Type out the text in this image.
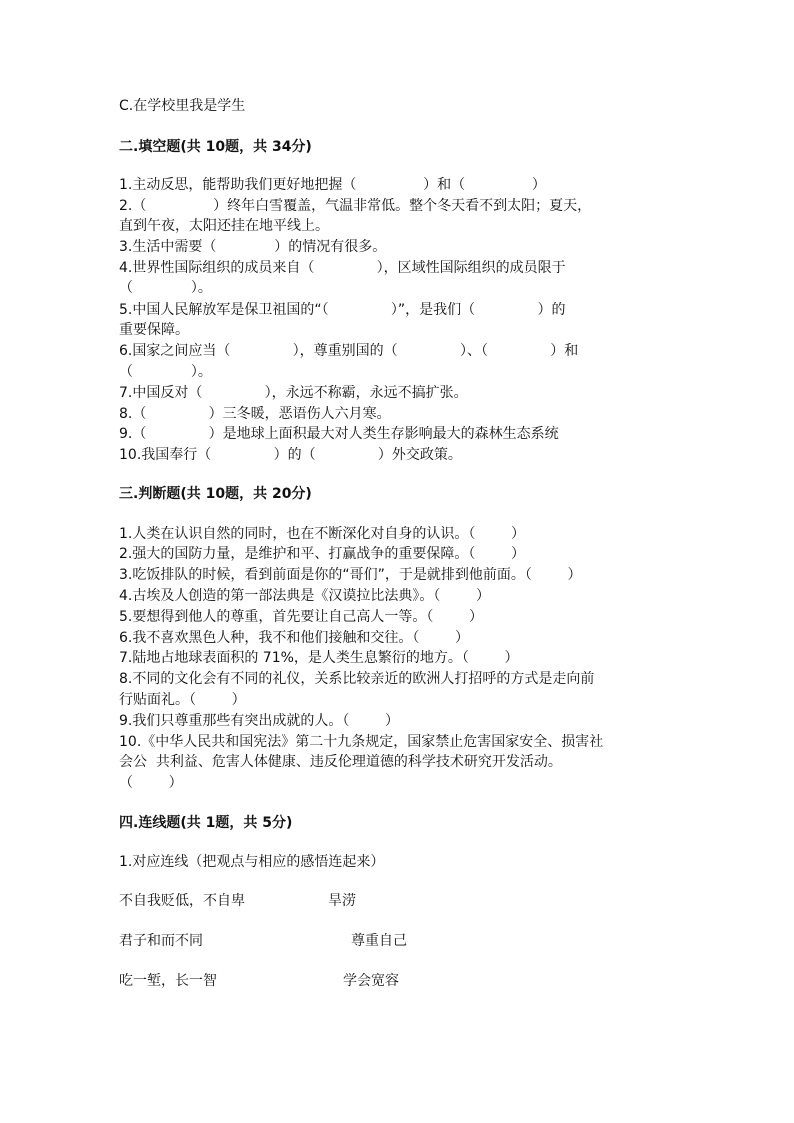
C.在学校里我是学生
二.填空题(共 10题，共 34分)
1.主动反思，能帮助我们更好地把握（               ）和（               ）
2.（               ）终年白雪覆盖，气温非常低。整个冬天看不到太阳；夏天，
直到午夜，太阳还挂在地平线上。
3.生活中需要（             ）的情况有很多。
4.世界性国际组织的成员来自（              ），区域性国际组织的成员限于
（             ）。
5.中国人民解放军是保卫祖国的“（              ）”，是我们（              ）的
重要保障。
6.国家之间应当（              ），尊重别国的（              ）、（              ）和
（             ）。
7.中国反对（              ），永远不称霸，永远不搞扩张。
8.（              ）三冬暖，恶语伤人六月寒。
9.（              ）是地球上面积最大对人类生存影响最大的森林生态系统
10.我国奉行（              ）的（              ）外交政策。
三.判断题(共 10题，共 20分)
1.人类在认识自然的同时，也在不断深化对自身的认识。（        ）
2.强大的国防力量，是维护和平、打赢战争的重要保障。（        ）
3.吃饭排队的时候，看到前面是你的“哥们”，于是就排到他前面。（        ）
4.古埃及人创造的第一部法典是《汉谟拉比法典》。（        ）
5.要想得到他人的尊重，首先要让自己高人一等。（        ）
6.我不喜欢黑色人种，我不和他们接触和交往。（        ）
7.陆地占地球表面积的 71%，是人类生息繁衍的地方。（        ）
8.不同的文化会有不同的礼仪，关系比较亲近的欧洲人打招呼的方式是走向前
行贴面礼。（        ）
9.我们只尊重那些有突出成就的人。（        ）
10.《中华人民共和国宪法》第二十九条规定，国家禁止危害国家安全、损害社
会公  共利益、危害人体健康、违反伦理道德的科学技术研究开发活动。
（        ）
四.连线题(共 1题，共 5分)
1.对应连线（把观点与相应的感悟连起来）
不自我贬低，不自卑	旱涝
君子和而不同	尊重自己
吃一堑，长一智	学会宽容
